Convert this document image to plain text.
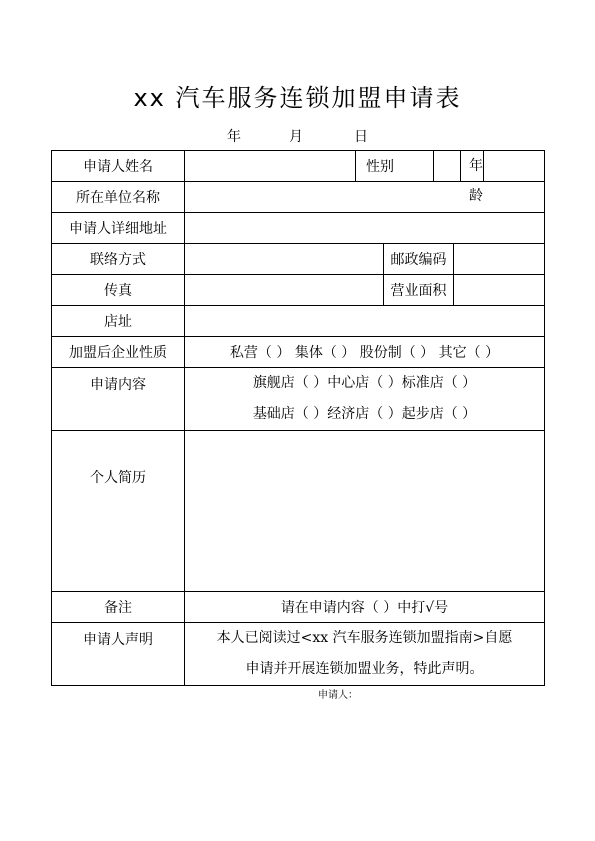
xx 汽车服务连锁加盟申请表
年	月	日
申请人姓名		性别		年龄		

所在单位名称						
申请人详细地址						
联络方式			邮政编码			
传真			营业面积			
店址						
加盟后企业性质	私营（ ） 集体（ ） 股份制（ ） 其它（ ）					
申请内容	旗舰店（ ）中心店（ ）标准店（ ）
基础店（ ）经济店（ ）起步店（ ）					

个人简历						
备注	请在申请内容（ ）中打√号					
申请人声明	本人已阅读过<xx 汽车服务连锁加盟指南>自愿
申请并开展连锁加盟业务，特此声明。					
申请人：
